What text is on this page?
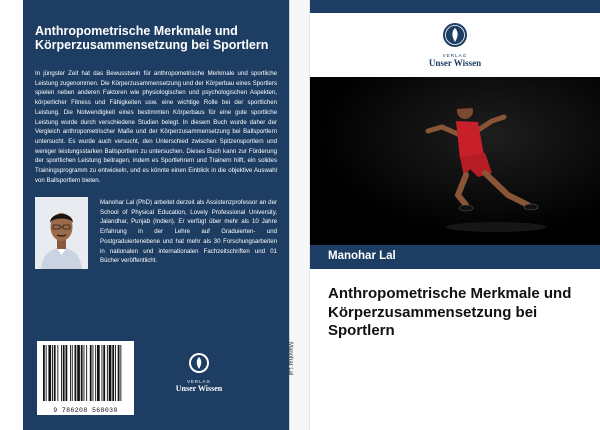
Anthropometrische Merkmale und Körperzusammensetzung bei Sportlern
In jüngster Zeit hat das Bewusstsein für anthropometrische Merkmale und sportliche Leistung zugenommen. Die Körperzusammensetzung und der Körperbau eines Sportlers spielen neben anderen Faktoren wie physiologischen und psychologischen Aspekten, körperlicher Fitness und Fähigkeiten usw. eine wichtige Rolle bei der sportlichen Leistung. Die Notwendigkeit eines bestimmten Körperbaus für eine gute sportliche Leistung wurde durch verschiedene Studien belegt. In diesem Buch wurde daher der Vergleich anthropometrischer Maße und der Körperzusammensetzung bei Ballsportlern untersucht. Es wurde auch versucht, den Unterschied zwischen Spitzensportlern und weniger leistungsstarken Ballsportlern zu untersuchen. Dieses Buch kann zur Förderung der sportlichen Leistung beitragen, indem es Sportlehrern und Trainern hilft, ein solides Trainingsprogramm zu entwickeln, und es könnte einen Einblick in die objektive Auswahl von Ballsportlern bieten.
Manohar Lal (PhD) arbeitet derzeit als Assistenzprofessor an der School of Physical Education, Lovely Professional University, Jalandhar, Punjab (Indien). Er verfügt über mehr als 10 Jahre Erfahrung in der Lehre auf Graduierten- und Postgraduiertenebene und hat mehr als 30 Forschungsarbeiten in nationalen und internationalen Fachzeitschriften und 01 Bücher veröffentlicht.
9 786208 568030
VERLAG
Unser Wissen
Manohar Lal
VERLAG
Unser Wissen
Manohar Lal
Anthropometrische Merkmale und Körperzusammensetzung bei Sportlern
